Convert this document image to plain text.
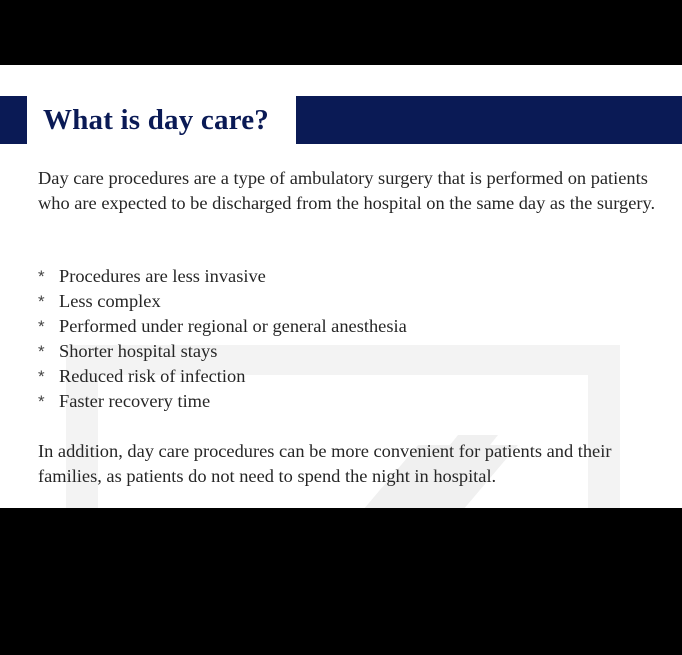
What is day care?

Day care procedures are a type of ambulatory surgery that is performed on patients who are expected to be discharged from the hospital on the same day as the surgery.

* Procedures are less invasive
* Less complex
* Performed under regional or general anesthesia
* Shorter hospital stays
* Reduced risk of infection
* Faster recovery time

In addition, day care procedures can be more convenient for patients and their families, as patients do not need to spend the night in hospital.
